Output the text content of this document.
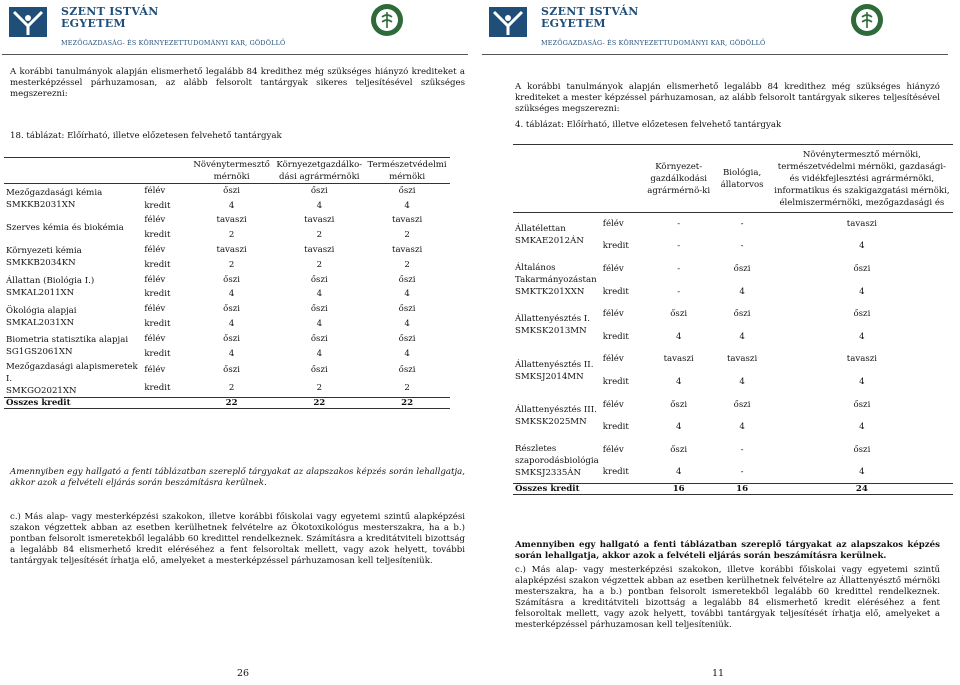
SZENT ISTVÁN
EGYETEM
MEZŐGAZDASÁG- ÉS KÖRNYEZETTUDOMÁNYI KAR, GÖDÖLLŐ
A korábbi tanulmányok alapján elismerhető legalább 84 kredithez még szükséges hiányzó krediteket a mesterképzéssel párhuzamosan, az alább felsorolt tantárgyak sikeres teljesítésével szükséges megszerezni:
18. táblázat: Előírható, illetve előzetesen felvehető tantárgyak
		Növénytermesztő mérnöki	Környezetgazdálko-dási agrármérnöki	Természetvédelmi mérnöki

Mezőgazdasági kémia
SMKKB2031XN	félév	őszi	őszi	őszi
	kredit	4	4	4

Szerves kémia és biokémia	félév	tavaszi	tavaszi	tavaszi
	kredit	2	2	2

Környezeti kémia
SMKKB2034KN	félév	tavaszi	tavaszi	tavaszi
	kredit	2	2	2

Állattan (Biológia I.)
SMKAL2011XN	félév	őszi	őszi	őszi
	kredit	4	4	4

Ökológia alapjai
SMKAL2031XN	félév	őszi	őszi	őszi
	kredit	4	4	4

Biometria statisztika alapjai
SG1GS2061XN	félév	őszi	őszi	őszi
	kredit	4	4	4

Mezőgazdasági alapismeretek I.
SMKGO2021XN	félév	őszi	őszi	őszi
	kredit	2	2	2
Összes kredit		22	22	22
Amennyiben egy hallgató a fenti táblázatban szereplő tárgyakat az alapszakos képzés során lehallgatja, akkor azok a felvételi eljárás során beszámításra kerülnek.
c.) Más alap- vagy mesterképzési szakokon, illetve korábbi főiskolai vagy egyetemi szintű alapképzési szakon végzettek abban az esetben kerülhetnek felvételre az Ökotoxikológus mesterszakra, ha a b.) pontban felsorolt ismeretekből legalább 60 kredittel rendelkeznek. Számításra a kreditátviteli bizottság a legalább 84 elismerhető kredit eléréséhez a fent felsoroltak mellett, vagy azok helyett, további tantárgyak teljesítését írhatja elő, amelyeket a mesterképzéssel párhuzamosan kell teljesíteniük.
26
SZENT ISTVÁN
EGYETEM
MEZŐGAZDASÁG- ÉS KÖRNYEZETTUDOMÁNYI KAR, GÖDÖLLŐ
A korábbi tanulmányok alapján elismerhető legalább 84 kredithez még szükséges hiányzó krediteket a mester képzéssel párhuzamosan, az alább felsorolt tantárgyak sikeres teljesítésével szükséges megszerezni:
4. táblázat: Előírható, illetve előzetesen felvehető tantárgyak
		Környezet-gazdálkodási agrármérnö-ki	Biológia, állatorvos	Növénytermesztő mérnöki, természetvédelmi mérnöki, gazdasági- és vidékfejlesztési agrármérnöki, informatikus és szakigazgatási mérnöki, élelmiszermérnöki, mezőgazdasági és

Állatélettan SMKAE2012ÁN	félév	-	-	tavaszi
	kredit	-	-	4

Általános Takarmányozástan SMKTK201XXN	félév	-	őszi	őszi
	kredit	-	4	4

Állattenyésztés I. SMKSK2013MN	félév	őszi	őszi	őszi
	kredit	4	4	4

Állattenyésztés II. SMKSJ2014MN	félév	tavaszi	tavaszi	tavaszi
	kredit	4	4	4

Állattenyésztés III. SMKSK2025MN	félév	őszi	őszi	őszi
	kredit	4	4	4

Részletes szaporodásbiológia SMKSJ2335ÁN	félév	őszi	-	őszi
	kredit	4	-	4
Összes kredit		16	16	24
Amennyiben egy hallgató a fenti táblázatban szereplő tárgyakat az alapszakos képzés során lehallgatja, akkor azok a felvételi eljárás során beszámításra kerülnek.
c.) Más alap- vagy mesterképzési szakokon, illetve korábbi főiskolai vagy egyetemi szintű alapképzési szakon végzettek abban az esetben kerülhetnek felvételre az Állattenyésztő mérnöki mesterszakra, ha a b.) pontban felsorolt ismeretekből legalább 60 kredittel rendelkeznek. Számításra a kreditátviteli bizottság a legalább 84 elismerhető kredit eléréséhez a fent felsoroltak mellett, vagy azok helyett, további tantárgyak teljesítését írhatja elő, amelyeket a mesterképzéssel párhuzamosan kell teljesíteniük.
11
